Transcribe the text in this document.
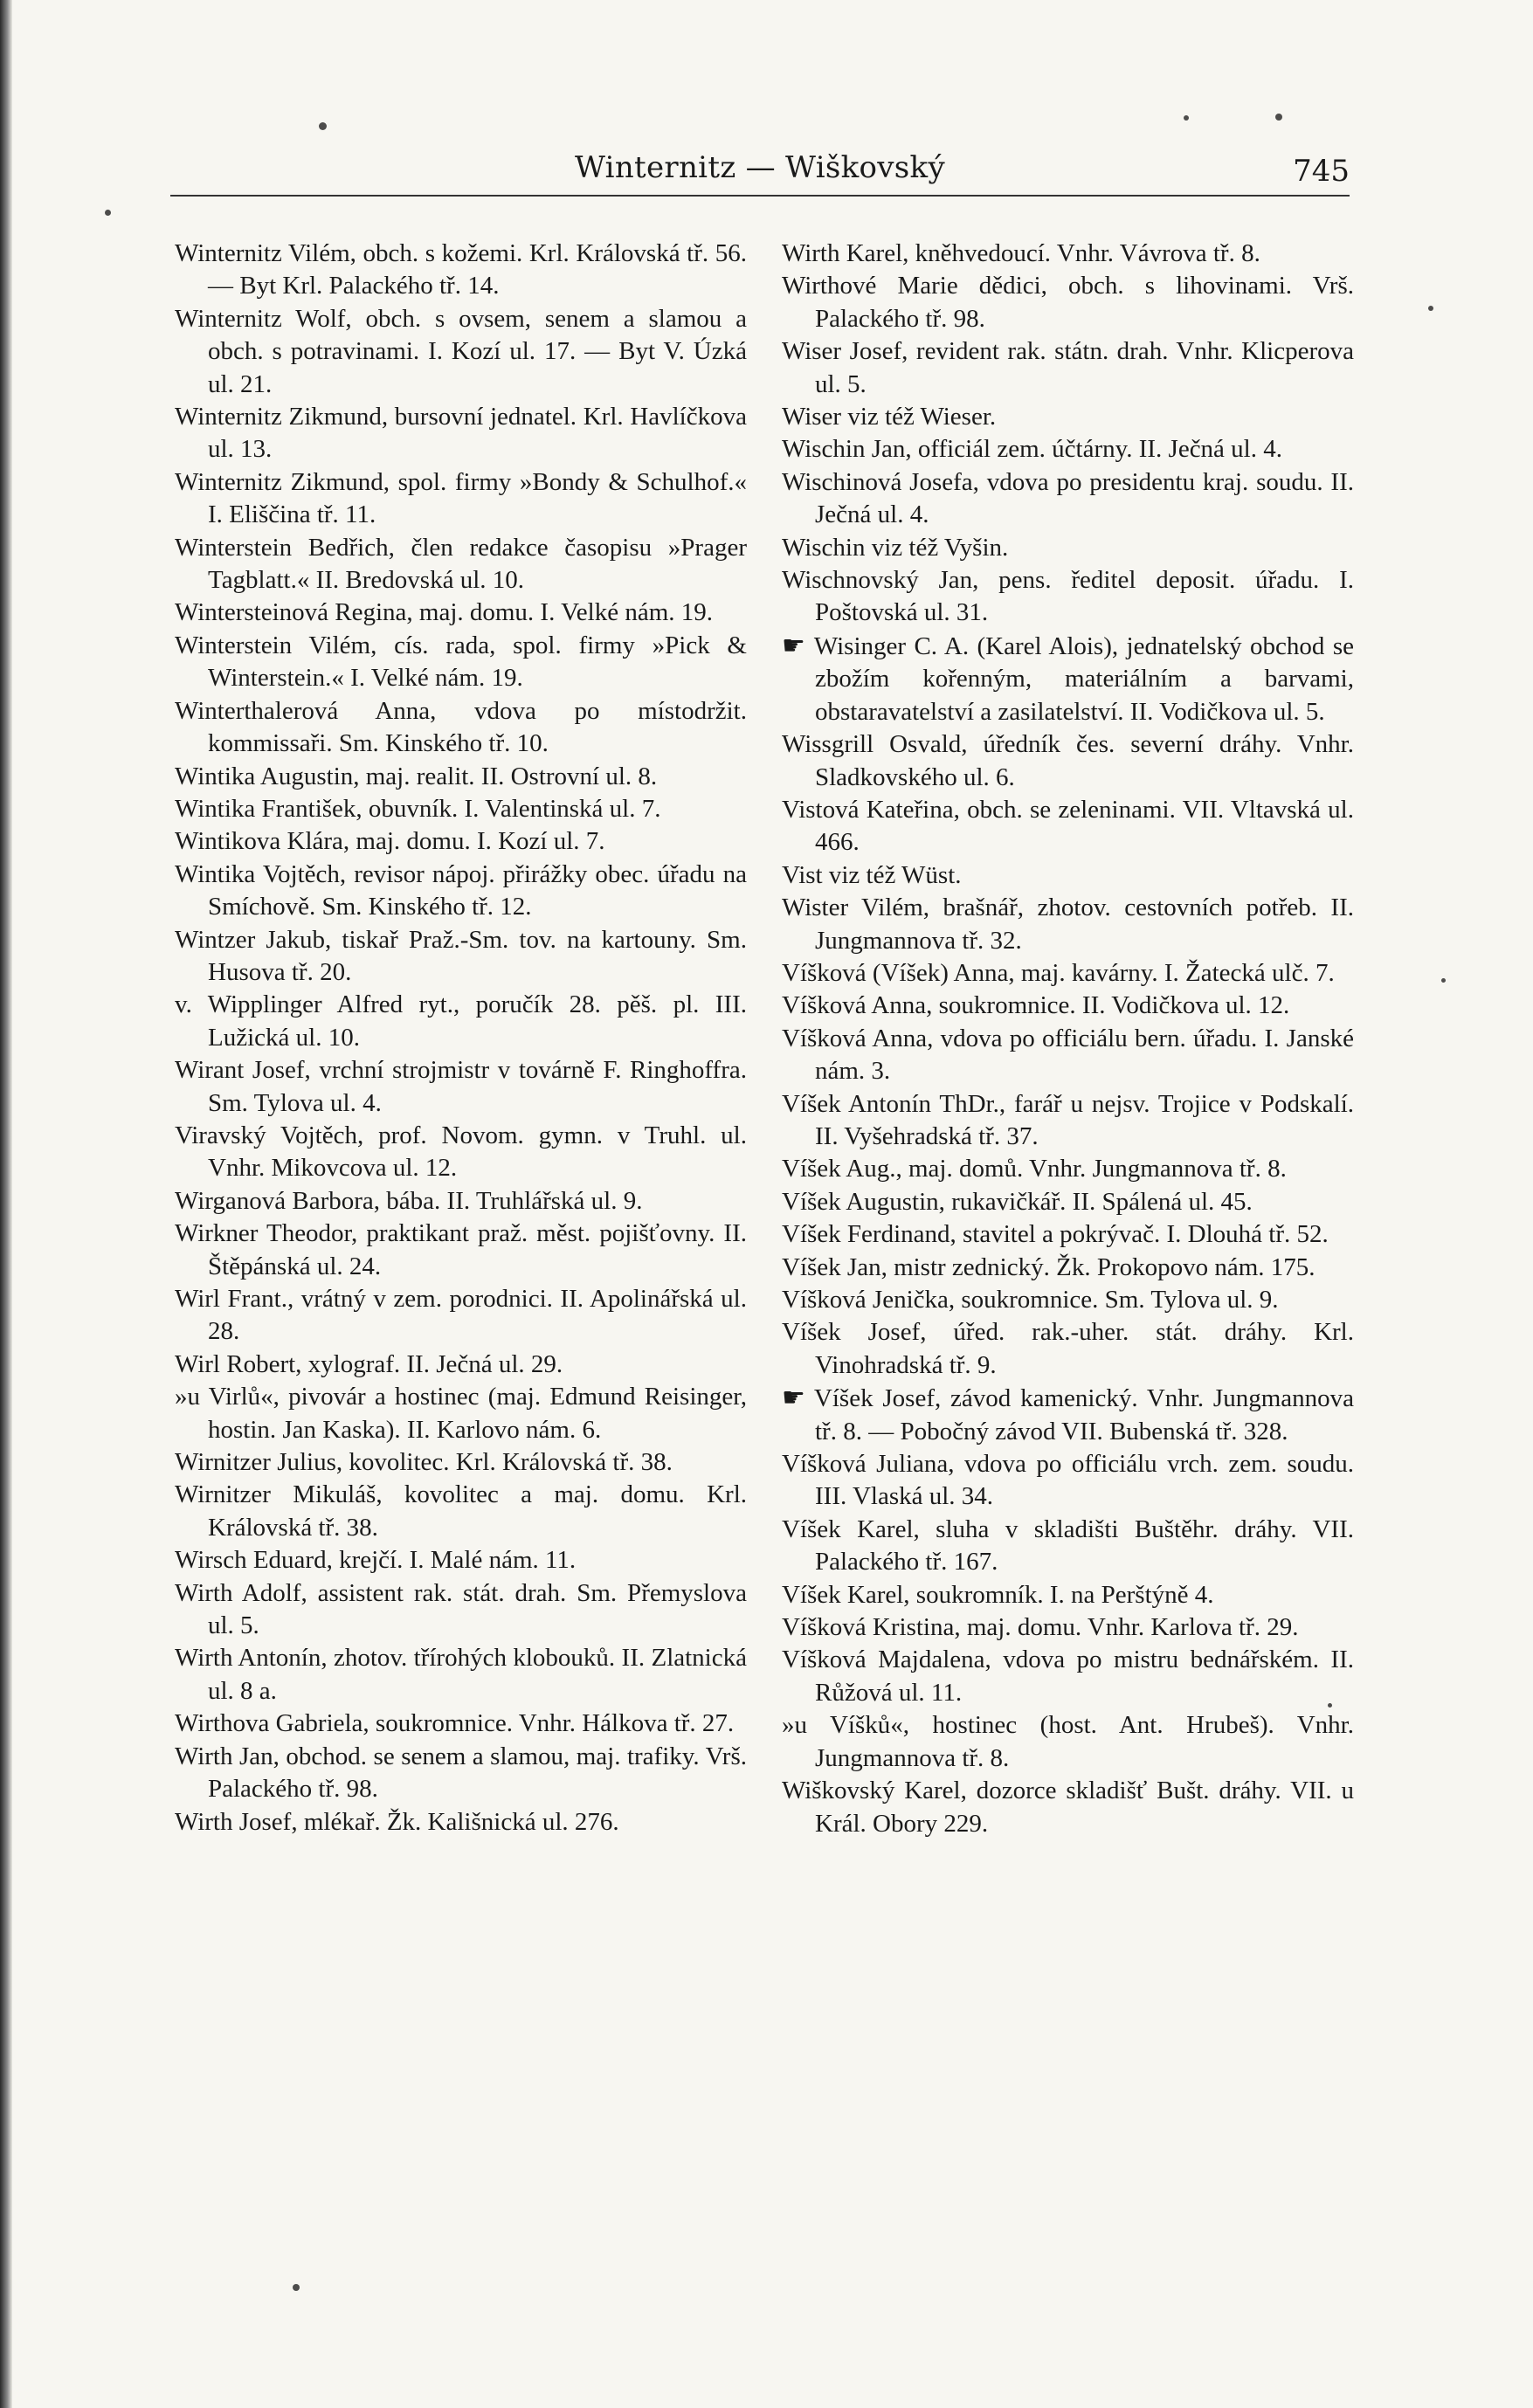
Winternitz — Wiškovský	745

Winternitz Vilém, obch. s kožemi. Krl. Královská tř. 56. — Byt Krl. Palackého tř. 14.

Winternitz Wolf, obch. s ovsem, senem a slamou a obch. s potravinami. I. Kozí ul. 17. — Byt V. Úzká ul. 21.

Winternitz Zikmund, bursovní jednatel. Krl. Havlíčkova ul. 13.

Winternitz Zikmund, spol. firmy »Bondy & Schulhof.« I. Eliščina tř. 11.

Winterstein Bedřich, člen redakce časopisu »Prager Tagblatt.« II. Bredovská ul. 10.

Wintersteinová Regina, maj. domu. I. Velké nám. 19.

Winterstein Vilém, cís. rada, spol. firmy »Pick & Winterstein.« I. Velké nám. 19.

Winterthalerová Anna, vdova po místodržit. kommissaři. Sm. Kinského tř. 10.

Wintika Augustin, maj. realit. II. Ostrovní ul. 8.

Wintika František, obuvník. I. Valentinská ul. 7.

Wintikova Klára, maj. domu. I. Kozí ul. 7.

Wintika Vojtěch, revisor nápoj. přirážky obec. úřadu na Smíchově. Sm. Kinského tř. 12.

Wintzer Jakub, tiskař Praž.-Sm. tov. na kartouny. Sm. Husova tř. 20.

v. Wipplinger Alfred ryt., poručík 28. pěš. pl. III. Lužická ul. 10.

Wirant Josef, vrchní strojmistr v továrně F. Ringhoffra. Sm. Tylova ul. 4.

Viravský Vojtěch, prof. Novom. gymn. v Truhl. ul. Vnhr. Mikovcova ul. 12.

Wirganová Barbora, bába. II. Truhlářská ul. 9.

Wirkner Theodor, praktikant praž. měst. pojišťovny. II. Štěpánská ul. 24.

Wirl Frant., vrátný v zem. porodnici. II. Apolinářská ul. 28.

Wirl Robert, xylograf. II. Ječná ul. 29.

»u Virlů«, pivovár a hostinec (maj. Edmund Reisinger, hostin. Jan Kaska). II. Karlovo nám. 6.

Wirnitzer Julius, kovolitec. Krl. Královská tř. 38.

Wirnitzer Mikuláš, kovolitec a maj. domu. Krl. Královská tř. 38.

Wirsch Eduard, krejčí. I. Malé nám. 11.

Wirth Adolf, assistent rak. stát. drah. Sm. Přemyslova ul. 5.

Wirth Antonín, zhotov. třírohých klobouků. II. Zlatnická ul. 8 a.

Wirthova Gabriela, soukromnice. Vnhr. Hálkova tř. 27.

Wirth Jan, obchod. se senem a slamou, maj. trafiky. Vrš. Palackého tř. 98.

Wirth Josef, mlékař. Žk. Kališnická ul. 276.

Wirth Karel, kněhvedoucí. Vnhr. Vávrova tř. 8.

Wirthové Marie dědici, obch. s lihovinami. Vrš. Palackého tř. 98.

Wiser Josef, revident rak. státn. drah. Vnhr. Klicperova ul. 5.

Wiser viz též Wieser.

Wischin Jan, officiál zem. účtárny. II. Ječná ul. 4.

Wischinová Josefa, vdova po presidentu kraj. soudu. II. Ječná ul. 4.

Wischin viz též Vyšin.

Wischnovský Jan, pens. ředitel deposit. úřadu. I. Poštovská ul. 31.

☛ Wisinger C. A. (Karel Alois), jednatelský obchod se zbožím kořenným, materiálním a barvami, obstaravatelství a zasilatelství. II. Vodičkova ul. 5.

Wissgrill Osvald, úředník čes. severní dráhy. Vnhr. Sladkovského ul. 6.

Vistová Kateřina, obch. se zeleninami. VII. Vltavská ul. 466.

Vist viz též Wüst.

Wister Vilém, brašnář, zhotov. cestovních potřeb. II. Jungmannova tř. 32.

Víšková (Víšek) Anna, maj. kavárny. I. Žatecká ulč. 7.

Víšková Anna, soukromnice. II. Vodičkova ul. 12.

Víšková Anna, vdova po officiálu bern. úřadu. I. Janské nám. 3.

Víšek Antonín ThDr., farář u nejsv. Trojice v Podskalí. II. Vyšehradská tř. 37.

Víšek Aug., maj. domů. Vnhr. Jungmannova tř. 8.

Víšek Augustin, rukavičkář. II. Spálená ul. 45.

Víšek Ferdinand, stavitel a pokrývač. I. Dlouhá tř. 52.

Víšek Jan, mistr zednický. Žk. Prokopovo nám. 175.

Víšková Jenička, soukromnice. Sm. Tylova ul. 9.

Víšek Josef, úřed. rak.-uher. stát. dráhy. Krl. Vinohradská tř. 9.

☛ Víšek Josef, závod kamenický. Vnhr. Jungmannova tř. 8. — Pobočný závod VII. Bubenská tř. 328.

Víšková Juliana, vdova po officiálu vrch. zem. soudu. III. Vlaská ul. 34.

Víšek Karel, sluha v skladišti Buštěhr. dráhy. VII. Palackého tř. 167.

Víšek Karel, soukromník. I. na Perštýně 4.

Víšková Kristina, maj. domu. Vnhr. Karlova tř. 29.

Víšková Majdalena, vdova po mistru bednářském. II. Růžová ul. 11.

»u Víšků«, hostinec (host. Ant. Hrubeš). Vnhr. Jungmannova tř. 8.

Wiškovský Karel, dozorce skladišť Bušt. dráhy. VII. u Král. Obory 229.
